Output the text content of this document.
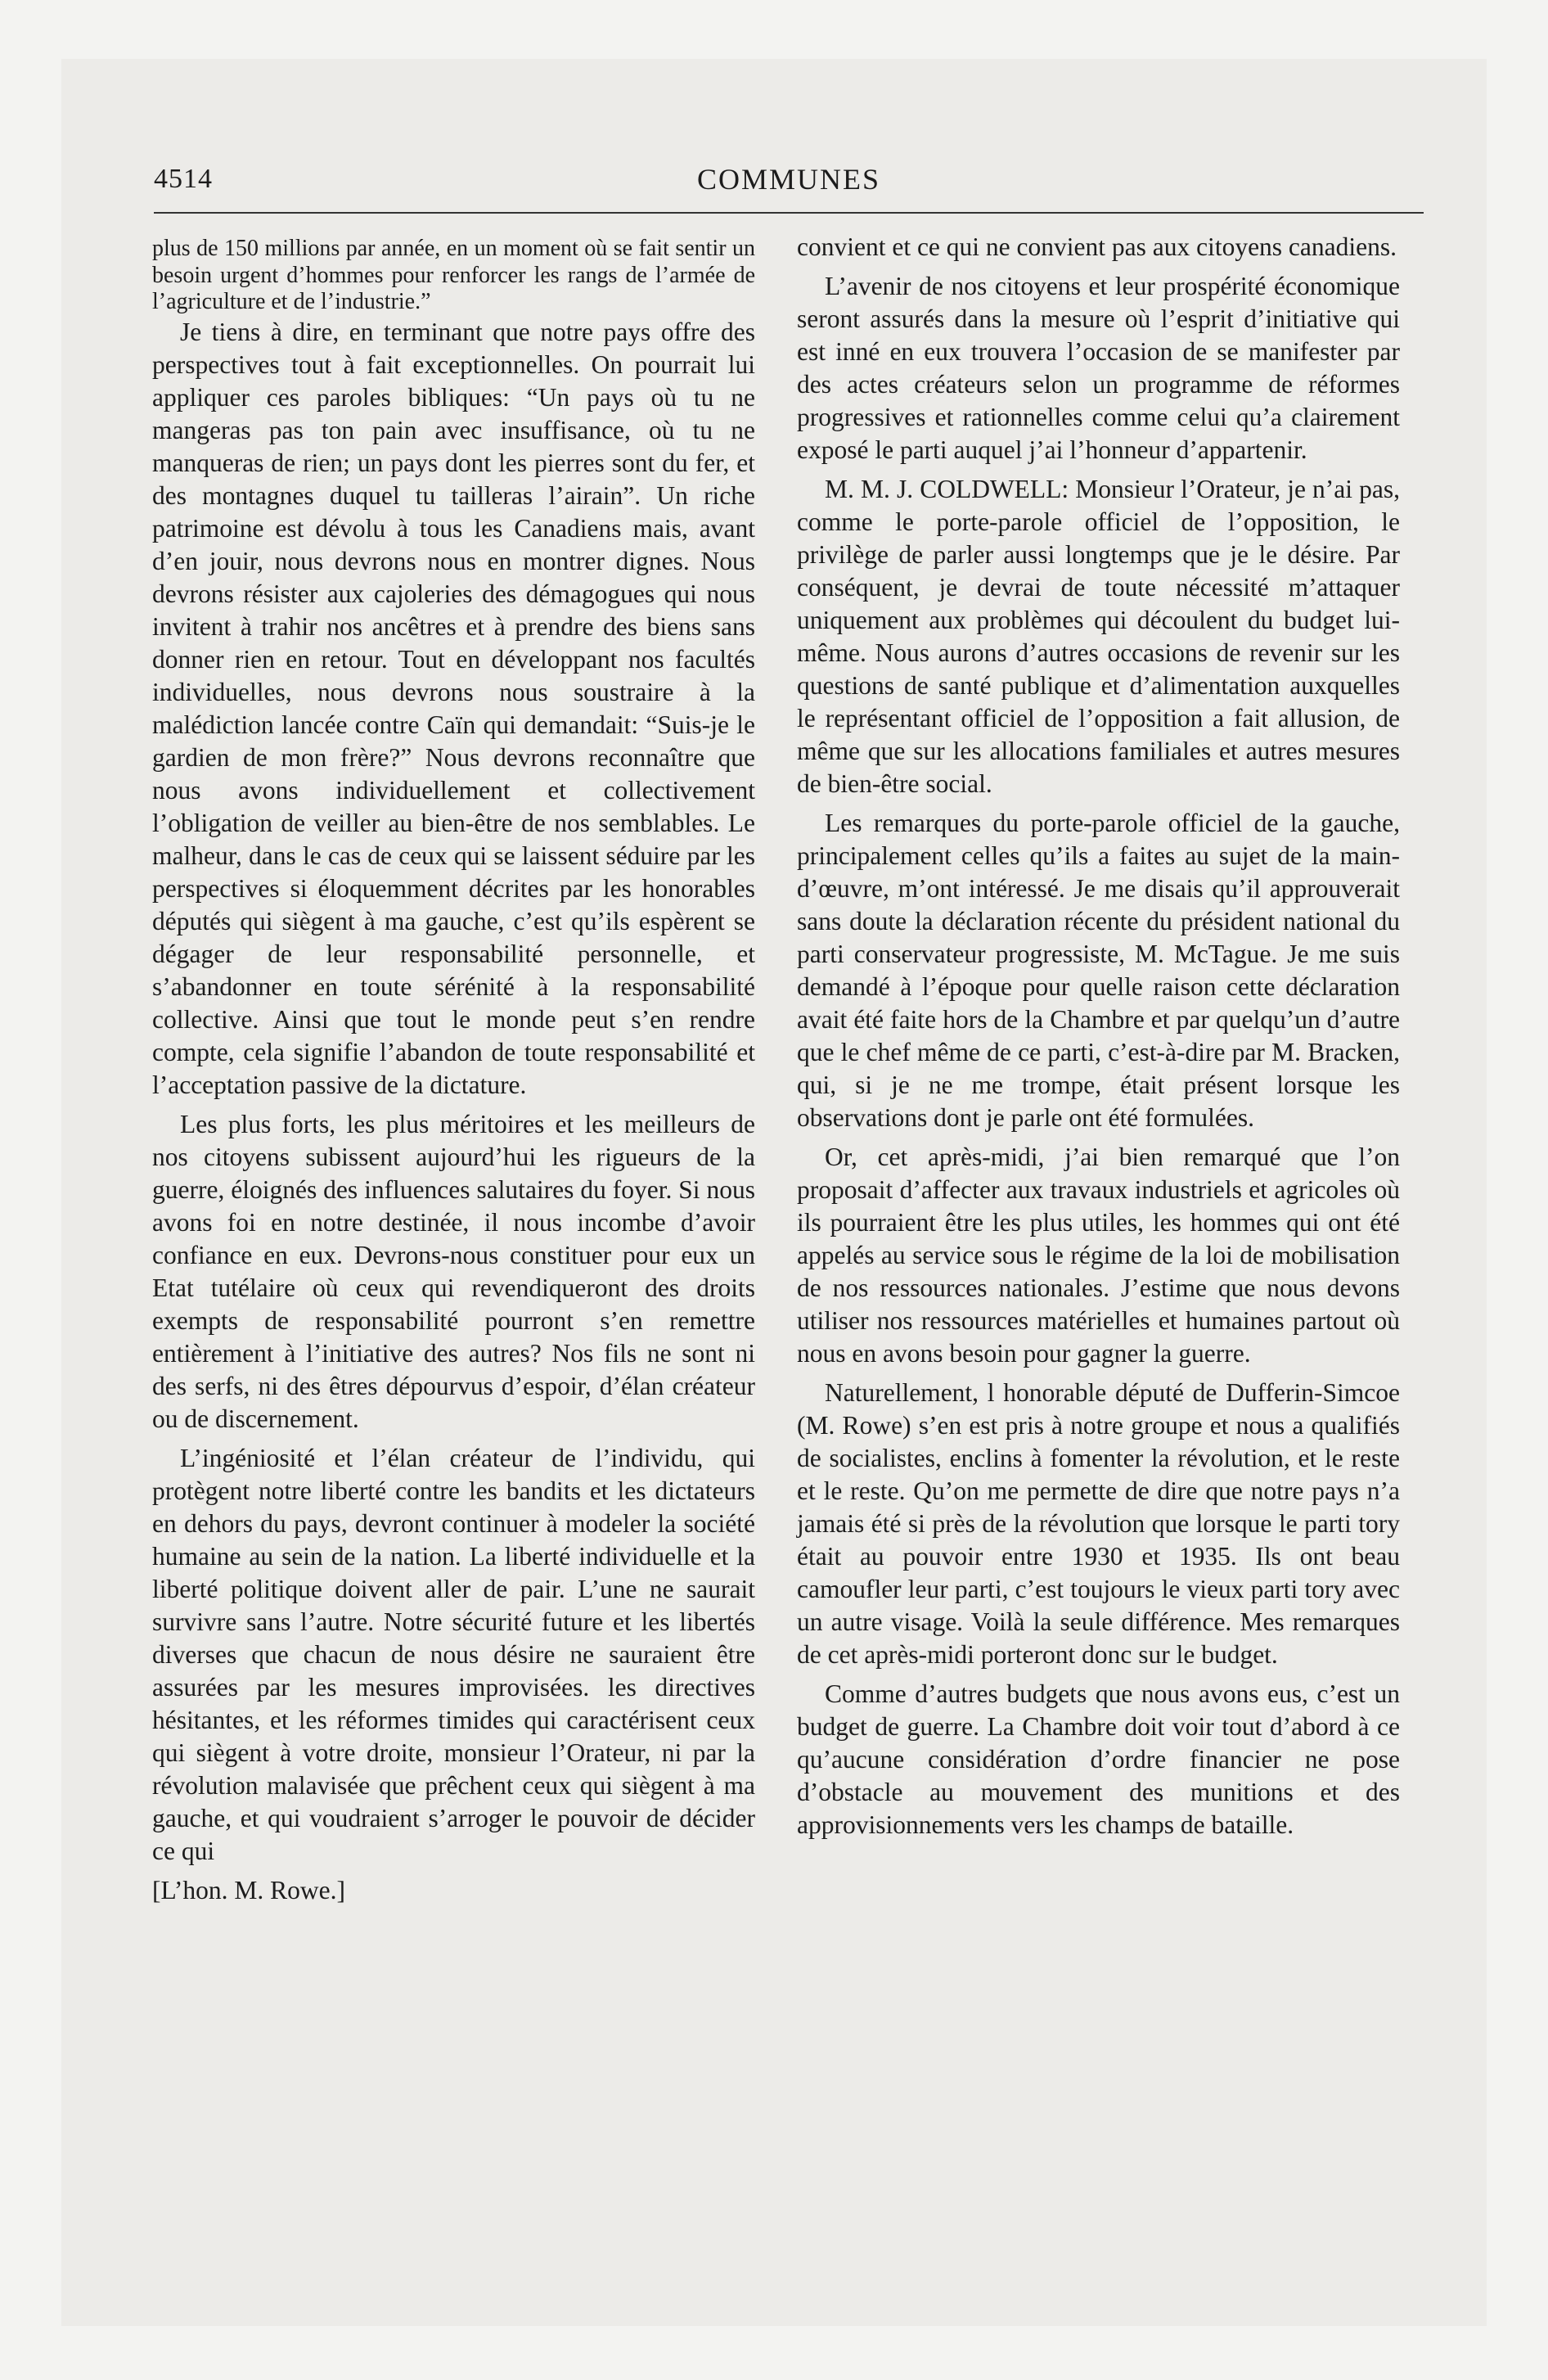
4514	COMMUNES

plus de 150 millions par année, en un moment où se fait sentir un besoin urgent d’hommes pour renforcer les rangs de l’armée de l’agriculture et de l’industrie.”

Je tiens à dire, en terminant que notre pays offre des perspectives tout à fait exceptionnelles. On pourrait lui appliquer ces paroles bibliques: “Un pays où tu ne mangeras pas ton pain avec insuffisance, où tu ne manqueras de rien; un pays dont les pierres sont du fer, et des montagnes duquel tu tailleras l’airain”. Un riche patrimoine est dévolu à tous les Canadiens mais, avant d’en jouir, nous devrons nous en montrer dignes. Nous devrons résister aux cajoleries des démagogues qui nous invitent à trahir nos ancêtres et à prendre des biens sans donner rien en retour. Tout en développant nos facultés individuelles, nous devrons nous soustraire à la malédiction lancée contre Caïn qui demandait: “Suis-je le gardien de mon frère?” Nous devrons reconnaître que nous avons individuellement et collectivement l’obligation de veiller au bien-être de nos semblables. Le malheur, dans le cas de ceux qui se laissent séduire par les perspectives si éloquemment décrites par les honorables députés qui siègent à ma gauche, c’est qu’ils espèrent se dégager de leur responsabilité personnelle, et s’abandonner en toute sérénité à la responsabilité collective. Ainsi que tout le monde peut s’en rendre compte, cela signifie l’abandon de toute responsabilité et l’acceptation passive de la dictature.

Les plus forts, les plus méritoires et les meilleurs de nos citoyens subissent aujourd’hui les rigueurs de la guerre, éloignés des influences salutaires du foyer. Si nous avons foi en notre destinée, il nous incombe d’avoir confiance en eux. Devrons-nous constituer pour eux un Etat tutélaire où ceux qui revendiqueront des droits exempts de responsabilité pourront s’en remettre entièrement à l’initiative des autres? Nos fils ne sont ni des serfs, ni des êtres dépourvus d’espoir, d’élan créateur ou de discernement.

L’ingéniosité et l’élan créateur de l’individu, qui protègent notre liberté contre les bandits et les dictateurs en dehors du pays, devront continuer à modeler la société humaine au sein de la nation. La liberté individuelle et la liberté politique doivent aller de pair. L’une ne saurait survivre sans l’autre. Notre sécurité future et les libertés diverses que chacun de nous désire ne sauraient être assurées par les mesures improvisées. les directives hésitantes, et les réformes timides qui caractérisent ceux qui siègent à votre droite, monsieur l’Orateur, ni par la révolution malavisée que prêchent ceux qui siègent à ma gauche, et qui voudraient s’arroger le pouvoir de décider ce qui

[L’hon. M. Rowe.]

convient et ce qui ne convient pas aux citoyens canadiens.

L’avenir de nos citoyens et leur prospérité économique seront assurés dans la mesure où l’esprit d’initiative qui est inné en eux trouvera l’occasion de se manifester par des actes créateurs selon un programme de réformes progressives et rationnelles comme celui qu’a clairement exposé le parti auquel j’ai l’honneur d’appartenir.

M. M. J. COLDWELL: Monsieur l’Orateur, je n’ai pas, comme le porte-parole officiel de l’opposition, le privilège de parler aussi longtemps que je le désire. Par conséquent, je devrai de toute nécessité m’attaquer uniquement aux problèmes qui découlent du budget lui-même. Nous aurons d’autres occasions de revenir sur les questions de santé publique et d’alimentation auxquelles le représentant officiel de l’opposition a fait allusion, de même que sur les allocations familiales et autres mesures de bien-être social.

Les remarques du porte-parole officiel de la gauche, principalement celles qu’ils a faites au sujet de la main-d’œuvre, m’ont intéressé. Je me disais qu’il approuverait sans doute la déclaration récente du président national du parti conservateur progressiste, M. McTague. Je me suis demandé à l’époque pour quelle raison cette déclaration avait été faite hors de la Chambre et par quelqu’un d’autre que le chef même de ce parti, c’est-à-dire par M. Bracken, qui, si je ne me trompe, était présent lorsque les observations dont je parle ont été formulées.

Or, cet après-midi, j’ai bien remarqué que l’on proposait d’affecter aux travaux industriels et agricoles où ils pourraient être les plus utiles, les hommes qui ont été appelés au service sous le régime de la loi de mobilisation de nos ressources nationales. J’estime que nous devons utiliser nos ressources matérielles et humaines partout où nous en avons besoin pour gagner la guerre.

Naturellement, l honorable député de Dufferin-Simcoe (M. Rowe) s’en est pris à notre groupe et nous a qualifiés de socialistes, enclins à fomenter la révolution, et le reste et le reste. Qu’on me permette de dire que notre pays n’a jamais été si près de la révolution que lorsque le parti tory était au pouvoir entre 1930 et 1935. Ils ont beau camoufler leur parti, c’est toujours le vieux parti tory avec un autre visage. Voilà la seule différence. Mes remarques de cet après-midi porteront donc sur le budget.

Comme d’autres budgets que nous avons eus, c’est un budget de guerre. La Chambre doit voir tout d’abord à ce qu’aucune considération d’ordre financier ne pose d’obstacle au mouvement des munitions et des approvisionnements vers les champs de bataille.
